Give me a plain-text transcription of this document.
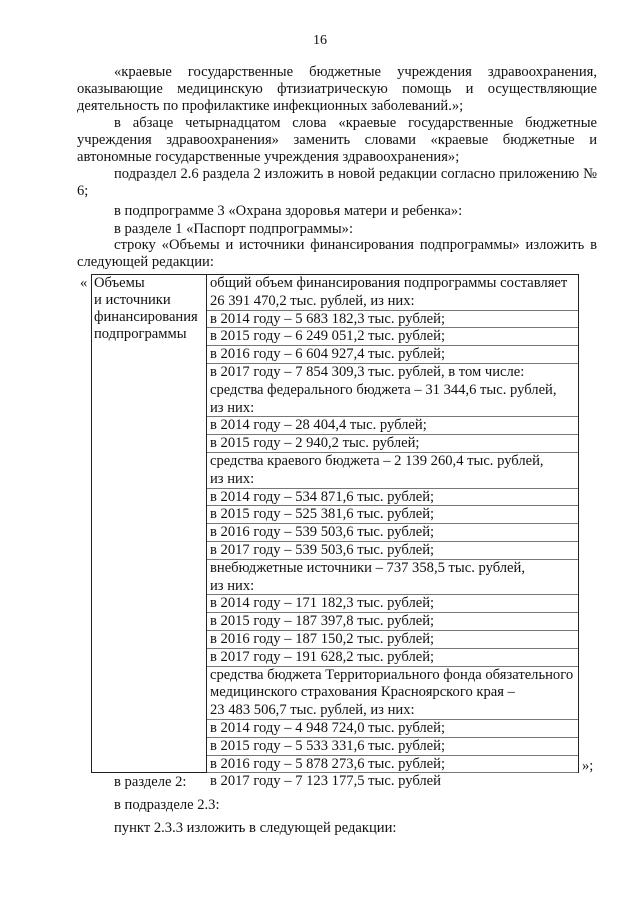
16
«краевые государственные бюджетные учреждения здравоохранения, оказывающие медицинскую фтизиатрическую помощь и осуществляющие деятельность по профилактике инфекционных заболеваний.»;
в абзаце четырнадцатом слова «краевые государственные бюджетные учреждения здравоохранения» заменить словами «краевые бюджетные и автономные государственные учреждения здравоохранения»;
подраздел 2.6 раздела 2 изложить в новой редакции согласно приложению № 6;
в подпрограмме 3 «Охрана здоровья матери и ребенка»:
в разделе 1 «Паспорт подпрограммы»:
строку «Объемы и источники финансирования подпрограммы» изложить в следующей редакции:
« Объемы
и источники
финансирования
подпрограммы
общий объем финансирования подпрограммы составляет
26 391 470,2 тыс. рублей, из них:
в 2014 году – 5 683 182,3 тыс. рублей;
в 2015 году – 6 249 051,2 тыс. рублей;
в 2016 году – 6 604 927,4 тыс. рублей;
в 2017 году – 7 854 309,3 тыс. рублей, в том числе:
средства федерального бюджета – 31 344,6 тыс. рублей,
из них:
в 2014 году – 28 404,4 тыс. рублей;
в 2015 году – 2 940,2 тыс. рублей;
средства краевого бюджета – 2 139 260,4 тыс. рублей,
из них:
в 2014 году – 534 871,6 тыс. рублей;
в 2015 году – 525 381,6 тыс. рублей;
в 2016 году – 539 503,6 тыс. рублей;
в 2017 году – 539 503,6 тыс. рублей;
внебюджетные источники – 737 358,5 тыс. рублей,
из них:
в 2014 году – 171 182,3 тыс. рублей;
в 2015 году – 187 397,8 тыс. рублей;
в 2016 году – 187 150,2 тыс. рублей;
в 2017 году – 191 628,2 тыс. рублей;
средства бюджета Территориального фонда обязательного
медицинского страхования Красноярского края –
23 483 506,7 тыс. рублей, из них:
в 2014 году – 4 948 724,0 тыс. рублей;
в 2015 году – 5 533 331,6 тыс. рублей;
в 2016 году – 5 878 273,6 тыс. рублей;
в 2017 году – 7 123 177,5 тыс. рублей
»;
в разделе 2:
в подразделе 2.3:
пункт 2.3.3 изложить в следующей редакции:
